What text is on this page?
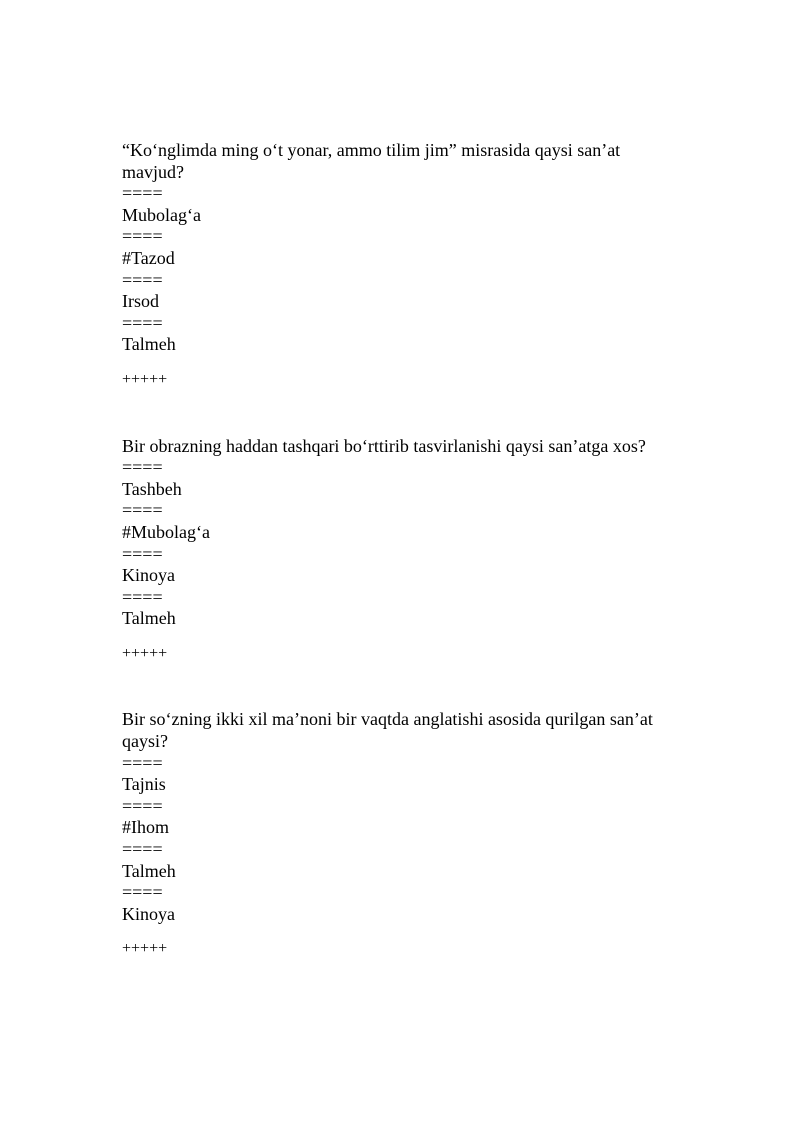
“Ko‘nglimda ming o‘t yonar, ammo tilim jim” misrasida qaysi san’at mavjud?

====

Mubolag‘a

====

#Tazod

====

Irsod

====

Talmeh

+++++

Bir obrazning haddan tashqari bo‘rttirib tasvirlanishi qaysi san’atga xos?

====

Tashbeh

====

#Mubolag‘a

====

Kinoya

====

Talmeh

+++++

Bir so‘zning ikki xil ma’noni bir vaqtda anglatishi asosida qurilgan san’at qaysi?

====

Tajnis

====

#Ihom

====

Talmeh

====

Kinoya

+++++
